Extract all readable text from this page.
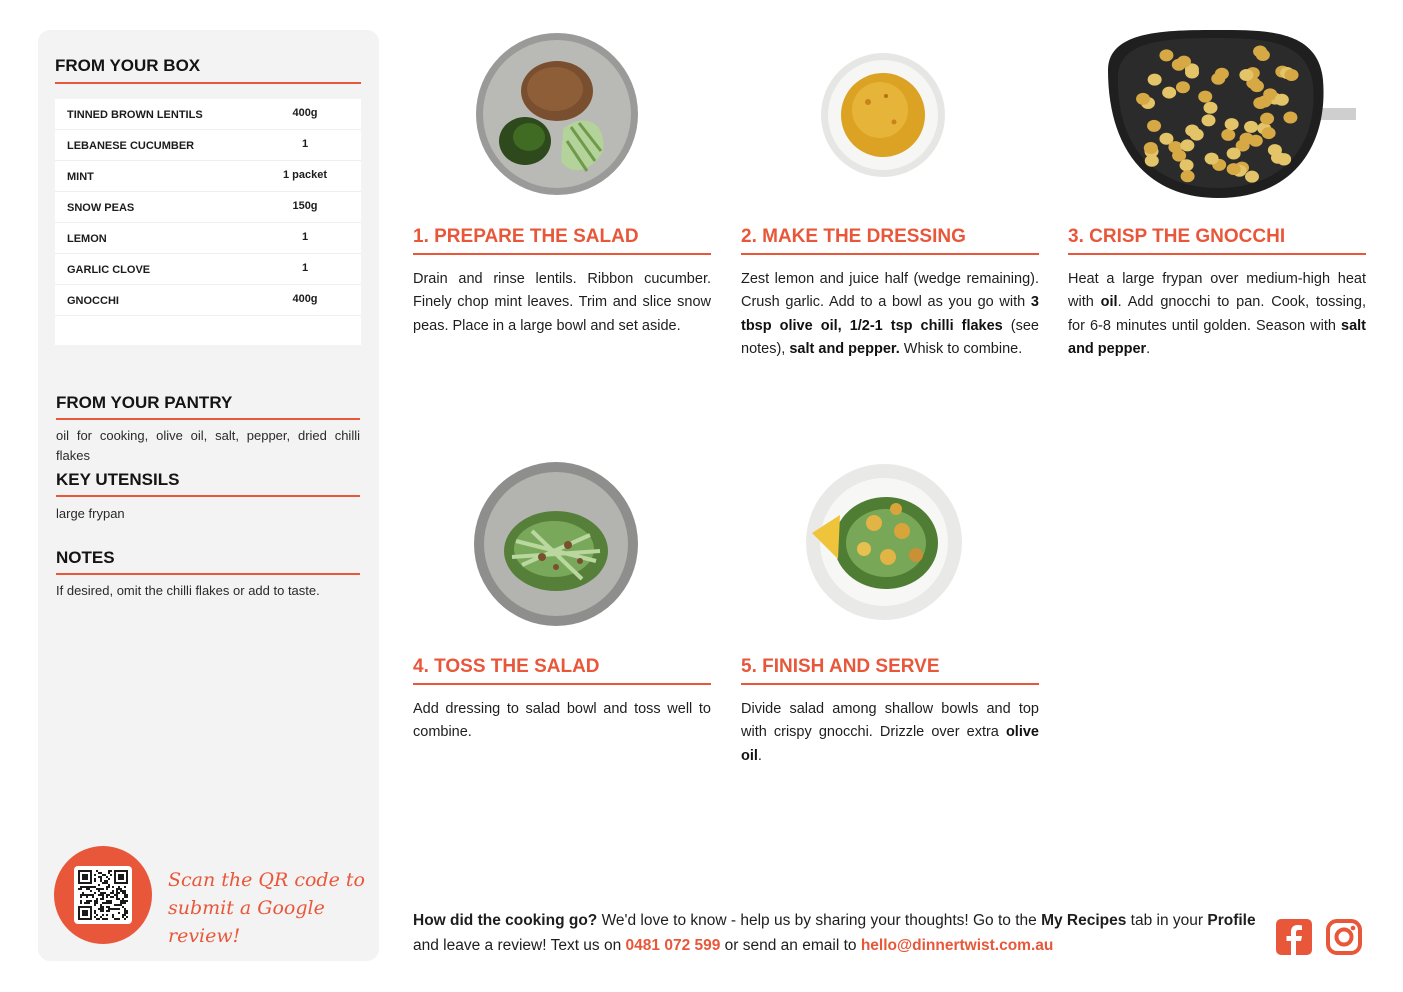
FROM YOUR BOX
TINNED BROWN LENTILS	400g
LEBANESE CUCUMBER	1
MINT	1 packet
SNOW PEAS	150g
LEMON	1
GARLIC CLOVE	1
GNOCCHI	400g
FROM YOUR PANTRY
oil for cooking, olive oil, salt, pepper, dried chilli flakes
KEY UTENSILS
large frypan
NOTES
If desired, omit the chilli flakes or add to taste.
Scan the QR code to
submit a Google review!
1. PREPARE THE SALAD
Drain and rinse lentils. Ribbon cucumber. Finely chop mint leaves. Trim and slice snow peas. Place in a large bowl and set aside.
2. MAKE THE DRESSING
Zest lemon and juice half (wedge remaining). Crush garlic. Add to a bowl as you go with 3 tbsp olive oil, 1/2-1 tsp chilli flakes (see notes), salt and pepper. Whisk to combine.
3. CRISP THE GNOCCHI
Heat a large frypan over medium-high heat with oil. Add gnocchi to pan. Cook, tossing, for 6-8 minutes until golden. Season with salt and pepper.
4. TOSS THE SALAD
Add dressing to salad bowl and toss well to combine.
5. FINISH AND SERVE
Divide salad among shallow bowls and top with crispy gnocchi. Drizzle over extra olive oil.
How did the cooking go? We'd love to know - help us by sharing your thoughts! Go to the My Recipes tab in your Profile and leave a review! Text us on 0481 072 599 or send an email to hello@dinnertwist.com.au
